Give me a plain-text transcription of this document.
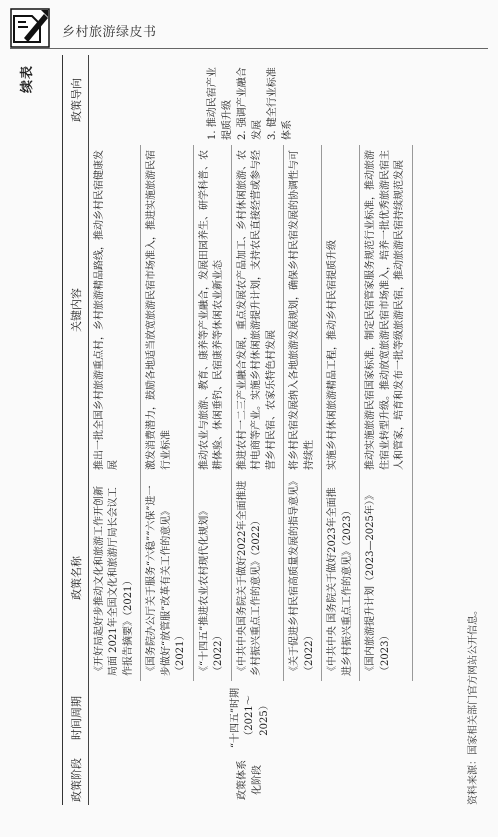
乡村旅游绿皮书
续表
政策阶段	时间周期	政策名称	关键内容	政策导向
政策体系化阶段	“十四五”时期（2021～2025）	《开好局起好步推动文化和旅游工作开创新局面 2021年全国文化和旅游厅局长会议工作报告摘要》（2021）	推出一批全国乡村旅游重点村，乡村旅游精品路线，推动乡村民宿健康发展	1. 推动民宿产业提质升级 2. 强调产业融合发展 3. 健全行业标准体系

		《国务院办公厅关于服务“六稳”“六保”进一步做好“放管服”改革有关工作的意见》（2021）	激发消费潜力，鼓励各地适当放宽旅游民宿市场准入，推进实施旅游民宿行业标准	
		《“十四五”推进农业农村现代化规划》（2022）	推动农业与旅游、教育、康养等产业融合，发展田园养生、研学科普、农耕体验、休闲垂钓、民宿康养等休闲农业新业态	
		《中共中央国务院关于做好2022年全面推进乡村振兴重点工作的意见》（2022）	推进农村一二三产业融合发展，重点发展农产品加工、乡村休闲旅游、农村电商等产业。实施乡村休闲旅游提升计划，支持农民直接经营或参与经营乡村民宿、农家乐特色村发展	
		《关于促进乡村民宿高质量发展的指导意见》（2022）	将乡村民宿发展纳入各地旅游发展规划，确保乡村民宿发展的协调性与可持续性	
		《中共中央 国务院关于做好2023年全面推进乡村振兴重点工作的意见》（2023）	实施乡村休闲旅游精品工程，推动乡村民宿提质升级	
		《国内旅游提升计划（2023—2025年）》（2023）	推动实施旅游民宿国家标准，制定民宿管家服务规范行业标准，推动旅游住宿业转型升级。推动放宽旅游民宿市场准入，培养一批优秀旅游民宿主人和管家，培育和发布一批等级旅游民宿，推动旅游民宿持续规范发展	
资料来源：国家相关部门官方网站公开信息。
